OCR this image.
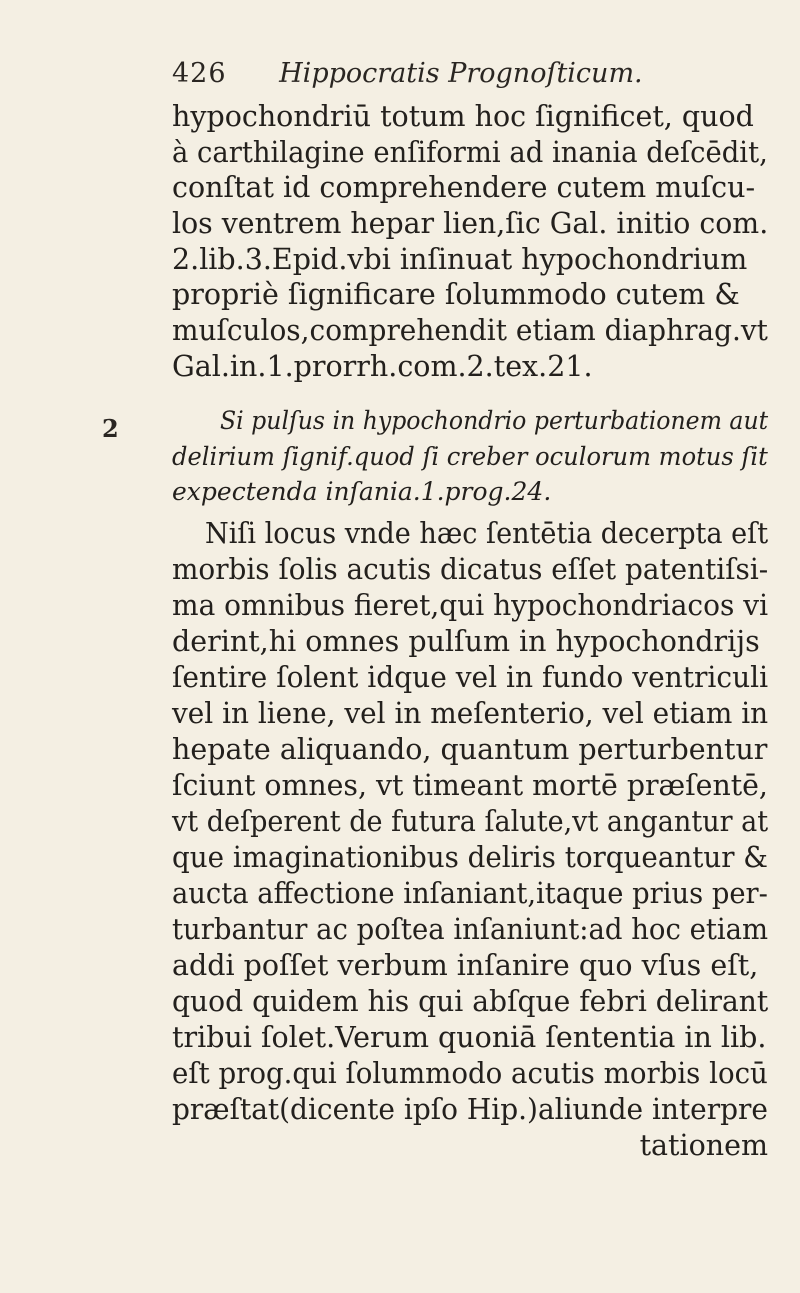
426 Hippocratis Prognoſticum.
2
hypochondriū totum hoc ſignificet, quod
à carthilagine enſiformi ad inania deſcēdit,
conſtat id comprehendere cutem muſcu-
los ventrem hepar lien,ſic Gal. initio com.
2.lib.3.Epid.vbi inſinuat hypochondrium
propriè ſignificare ſolummodo cutem &
muſculos,comprehendit etiam diaphrag.vt
Gal.in.1.prorrh.com.2.tex.21.
Si pulſus in hypochondrio perturbationem aut
delirium ſignif.quod ſi creber oculorum motus ſit
expectenda inſania.1.prog.24.
Niſi locus vnde hæc ſentētia decerpta eſt
morbis ſolis acutis dicatus eſſet patentiſsi-
ma omnibus fieret,qui hypochondriacos vi
derint,hi omnes pulſum in hypochondrijs
ſentire ſolent idque vel in fundo ventriculi
vel in liene, vel in meſenterio, vel etiam in
hepate aliquando, quantum perturbentur
ſciunt omnes, vt timeant mortē præſentē,
vt deſperent de futura ſalute,vt angantur at
que imaginationibus deliris torqueantur &
aucta affectione inſaniant,itaque prius per-
turbantur ac poſtea inſaniunt:ad hoc etiam
addi poſſet verbum inſanire quo vſus eſt,
quod quidem his qui abſque febri delirant
tribui ſolet.Verum quoniā ſententia in lib.
eſt prog.qui ſolummodo acutis morbis locū
præſtat(dicente ipſo Hip.)aliunde interpre
tationem
